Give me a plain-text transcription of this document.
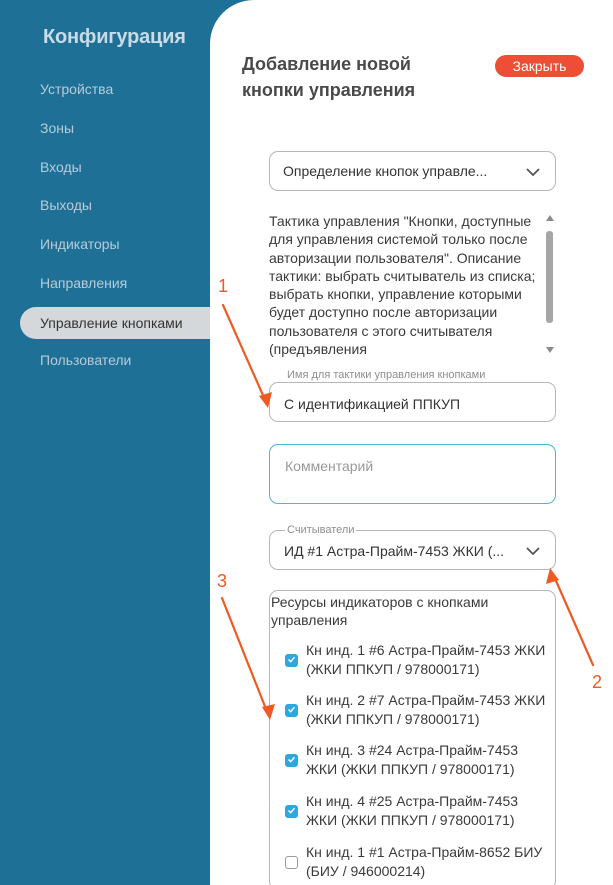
Конфигурация
Устройства
Зоны
Входы
Выходы
Индикаторы
Направления
Управление кнопками
Пользователи
Добавление новой кнопки управления
Закрыть
Определение кнопок управле...
Тактика управления "Кнопки, доступные для управления системой только после авторизации пользователя". Описание тактики: выбрать считыватель из списка; выбрать кнопки, управление которыми будет доступно после авторизации пользователя с этого считывателя (предъявления
Имя для тактики управления кнопками
С идентификацией ППКУП
Комментарий
Считыватели
ИД #1 Астра-Прайм-7453 ЖКИ (...
Ресурсы индикаторов с кнопками управления
Кн инд. 1 #6 Астра-Прайм-7453 ЖКИ (ЖКИ ППКУП / 978000171)
Кн инд. 2 #7 Астра-Прайм-7453 ЖКИ (ЖКИ ППКУП / 978000171)
Кн инд. 3 #24 Астра-Прайм-7453 ЖКИ (ЖКИ ППКУП / 978000171)
Кн инд. 4 #25 Астра-Прайм-7453 ЖКИ (ЖКИ ППКУП / 978000171)
Кн инд. 1 #1 Астра-Прайм-8652 БИУ (БИУ / 946000214)
1
2
3
